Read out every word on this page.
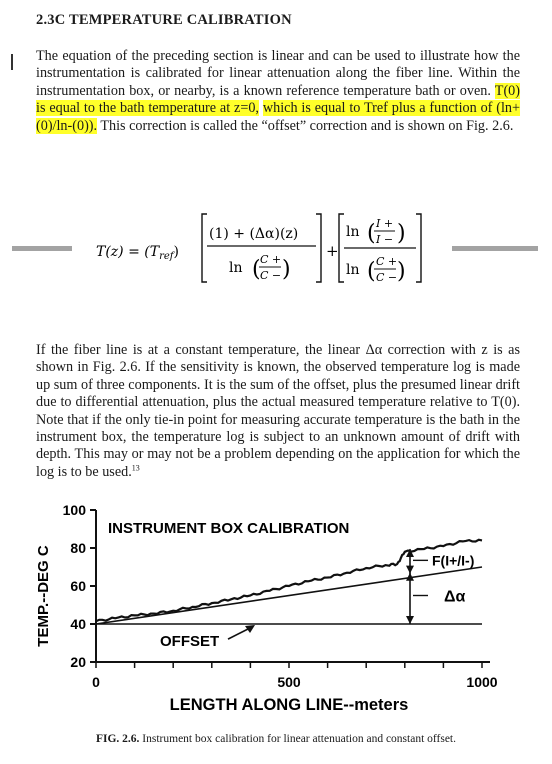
2.3C TEMPERATURE CALIBRATION
The equation of the preceding section is linear and can be used to illustrate how the instrumentation is calibrated for linear attenuation along the fiber line. Within the instrumentation box, or nearby, is a known reference temperature bath or oven. T(0) is equal to the bath temperature at z=0, which is equal to Tref plus a function of (ln+(0)/ln-(0)). This correction is called the “offset” correction and is shown on Fig. 2.6.
$T(z) = (T_{ref})$
(1) + (Δα)(z)
ln ( C +
C − )
+
ln ( I +
I − )
ln ( C +
C − )
If the fiber line is at a constant temperature, the linear Δα correction with z is as shown in Fig. 2.6. If the sensitivity is known, the observed temperature log is made up sum of three components. It is the sum of the offset, plus the presumed linear drift due to differential attenuation, plus the actual measured temperature relative to T(0). Note that if the only tie-in point for measuring accurate temperature is the bath in the instrument box, the temperature log is subject to an unknown amount of drift with depth. This may or may not be a problem depending on the application for which the log is to be used.$^{13}$
100
80
60
40
20
0	500	1000
LENGTH ALONG LINE--meters
TEMP.--DEG C
INSTRUMENT BOX CALIBRATION
F(I+/I-)
Δα
OFFSET
FIG. 2.6. Instrument box calibration for linear attenuation and constant offset.
